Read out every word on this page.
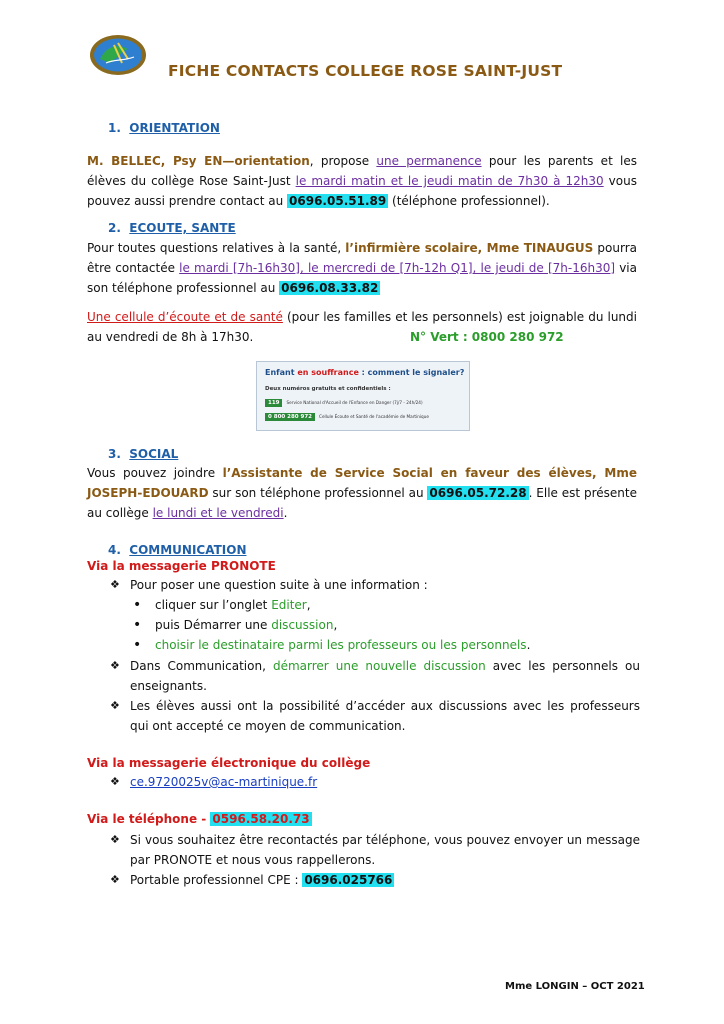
FICHE CONTACTS COLLEGE ROSE SAINT-JUST
1. ORIENTATION
M. BELLEC, Psy EN—orientation, propose une permanence pour les parents et les élèves du collège Rose Saint-Just le mardi matin et le jeudi matin de 7h30 à 12h30 vous pouvez aussi prendre contact au 0696.05.51.89 (téléphone professionnel).
2. ECOUTE, SANTE
Pour toutes questions relatives à la santé, l’infirmière scolaire, Mme TINAUGUS pourra être contactée le mardi [7h-16h30], le mercredi de [7h-12h Q1], le jeudi de [7h-16h30] via son téléphone professionnel au 0696.08.33.82
Une cellule d’écoute et de santé (pour les familles et les personnels) est joignable du lundi au vendredi de 8h à 17h30.	N° Vert : 0800 280 972
Enfant en souffrance : comment le signaler?
Deux numéros gratuits et confidentiels :
119	Service National d'Accueil de l'Enfance en Danger (7j/7 - 24h/24)
0 800 280 972	Cellule Écoute et Santé de l'académie de Martinique
3. SOCIAL
Vous pouvez joindre l’Assistante de Service Social en faveur des élèves, Mme JOSEPH-EDOUARD sur son téléphone professionnel au 0696.05.72.28 . Elle est présente au collège le lundi et le vendredi.
4. COMMUNICATION
Via la messagerie PRONOTE
❖ Pour poser une question suite à une information :
• cliquer sur l’onglet Editer,
• puis Démarrer une discussion,
• choisir le destinataire parmi les professeurs ou les personnels.
❖ Dans Communication, démarrer une nouvelle discussion avec les personnels ou enseignants.
❖ Les élèves aussi ont la possibilité d’accéder aux discussions avec les professeurs qui ont accepté ce moyen de communication.
Via la messagerie électronique du collège
❖ ce.9720025v@ac-martinique.fr
Via le téléphone - 0596.58.20.73
❖ Si vous souhaitez être recontactés par téléphone, vous pouvez envoyer un message par PRONOTE et nous vous rappellerons.
❖ Portable professionnel CPE : 0696.025766
Mme LONGIN – OCT 2021
